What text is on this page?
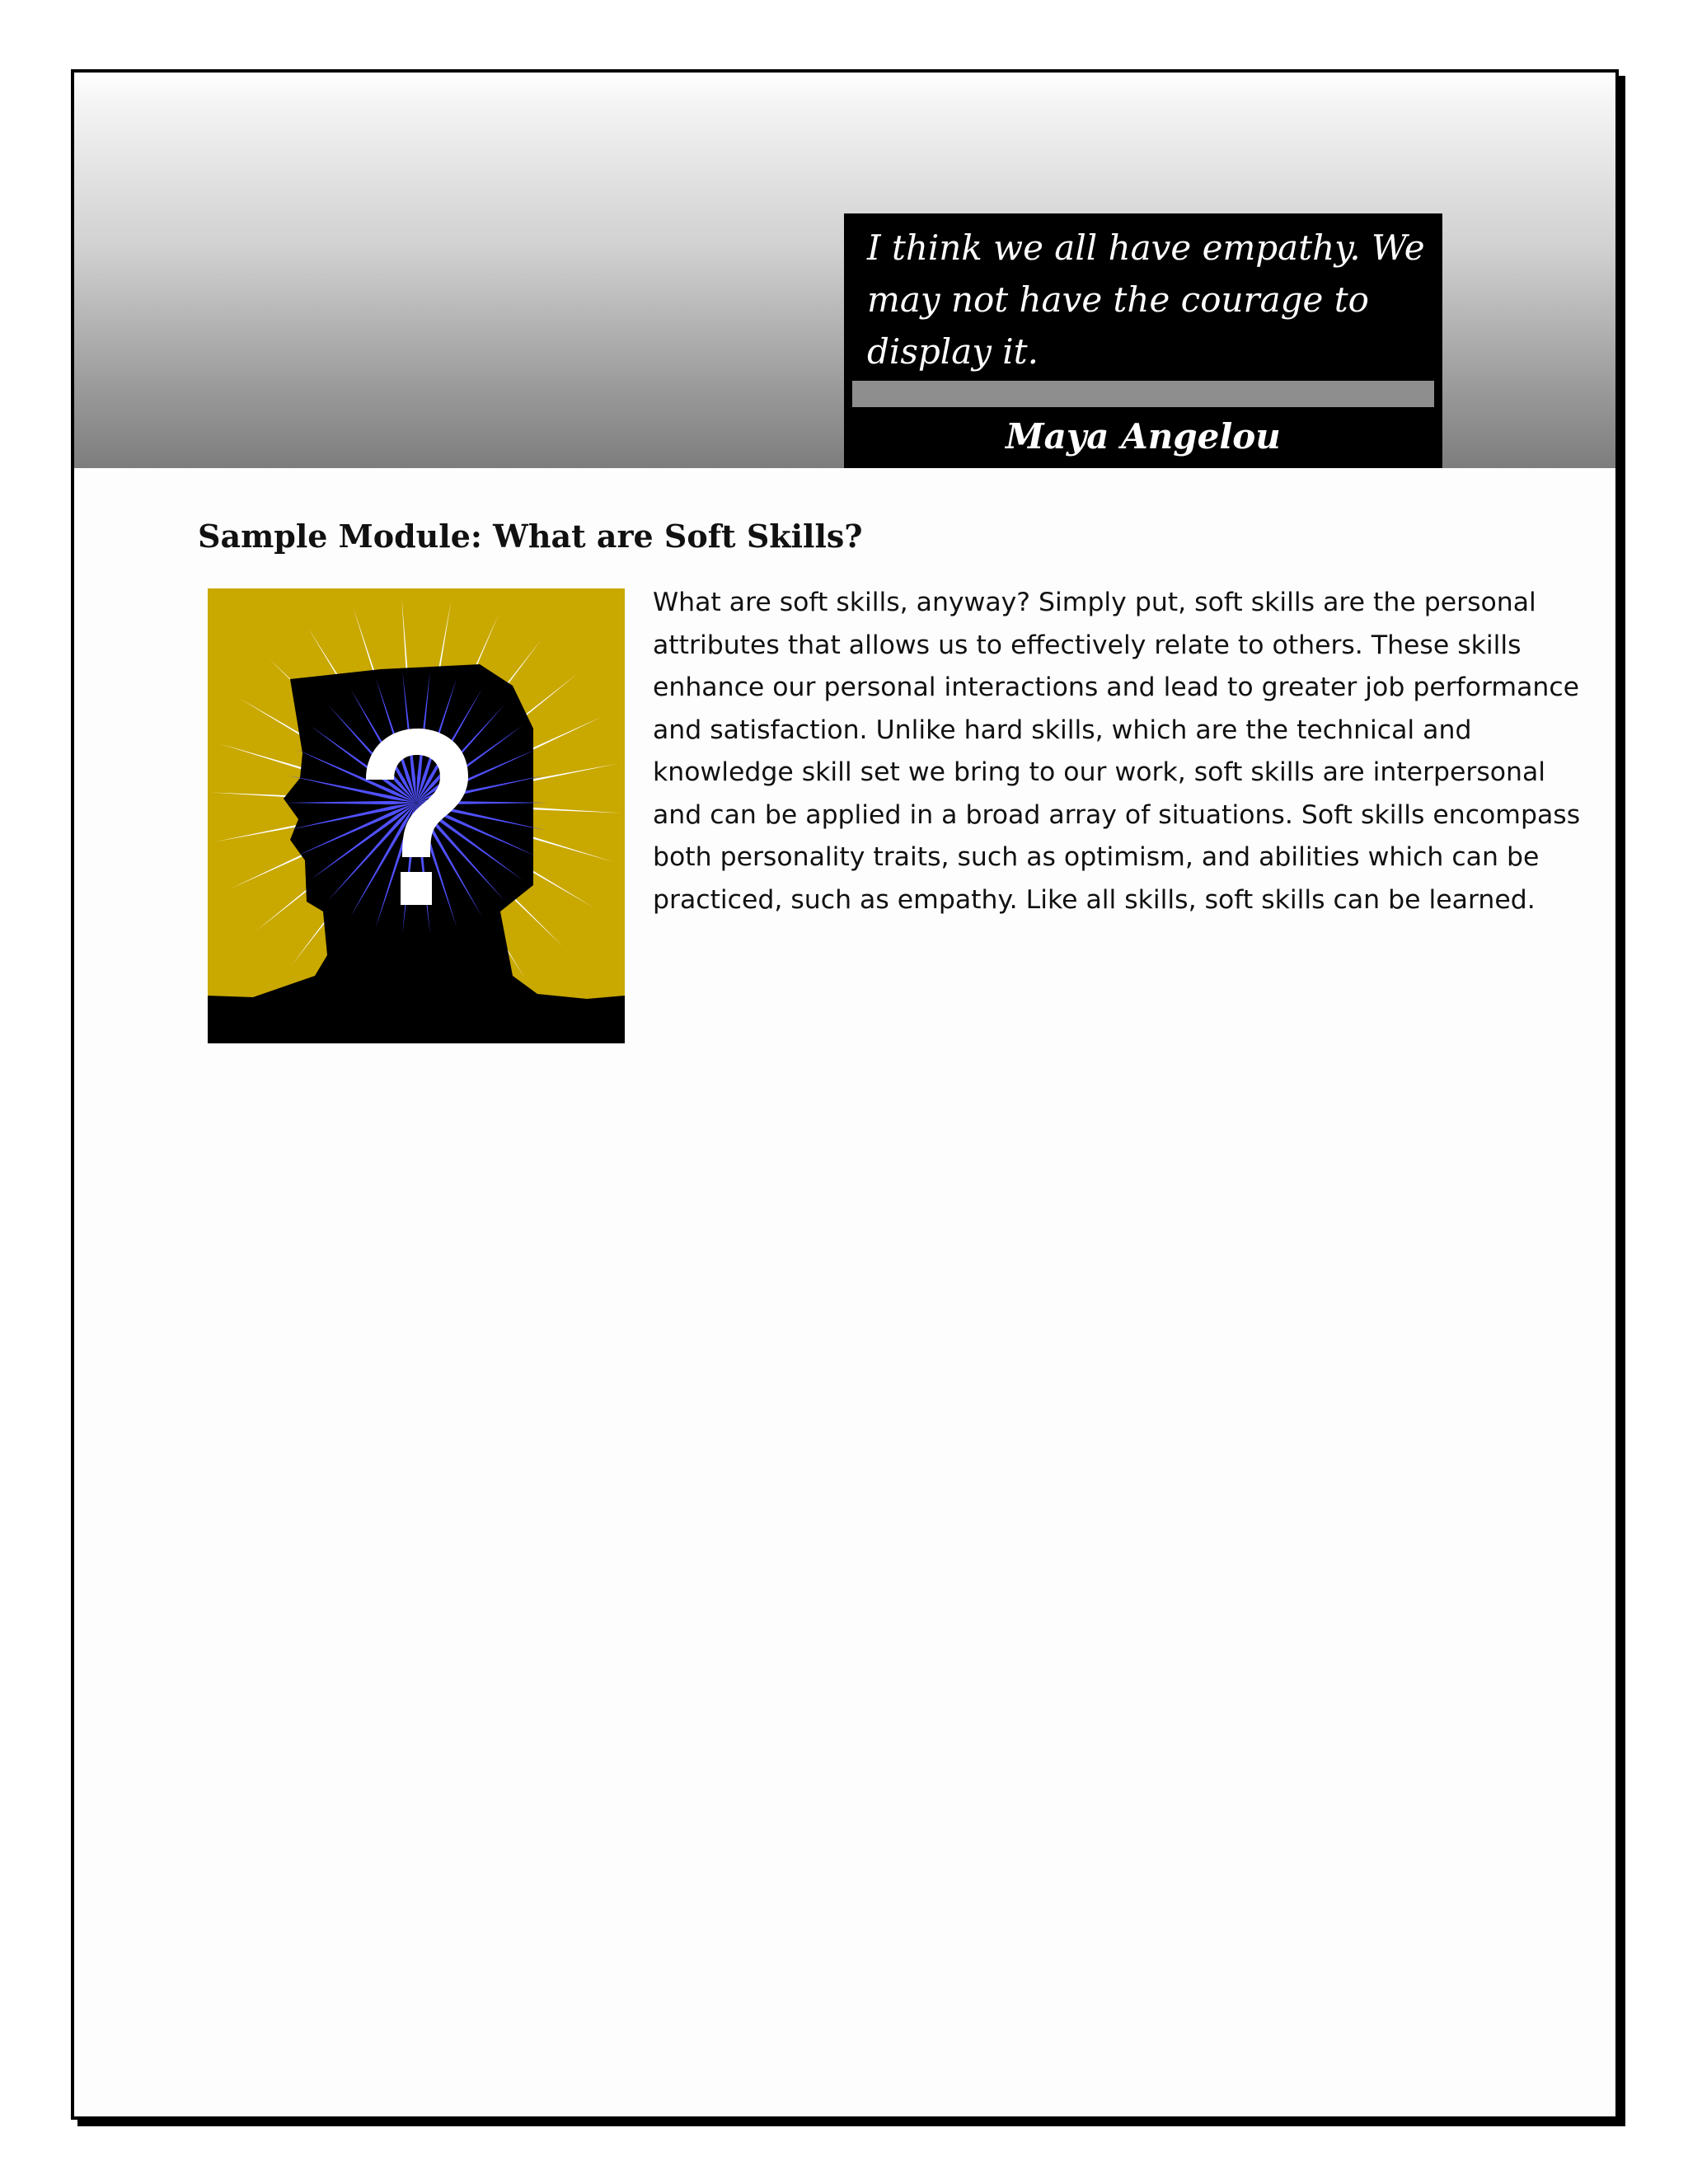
I think we all have empathy. We may not have the courage to display it.
Maya Angelou
Sample Module: What are Soft Skills?

What are soft skills, anyway? Simply put, soft skills are the personal attributes that allows us to effectively relate to others. These skills enhance our personal interactions and lead to greater job performance and satisfaction. Unlike hard skills, which are the technical and knowledge skill set we bring to our work, soft skills are interpersonal and can be applied in a broad array of situations. Soft skills encompass both personality traits, such as optimism, and abilities which can be practiced, such as empathy. Like all skills, soft skills can be learned.
